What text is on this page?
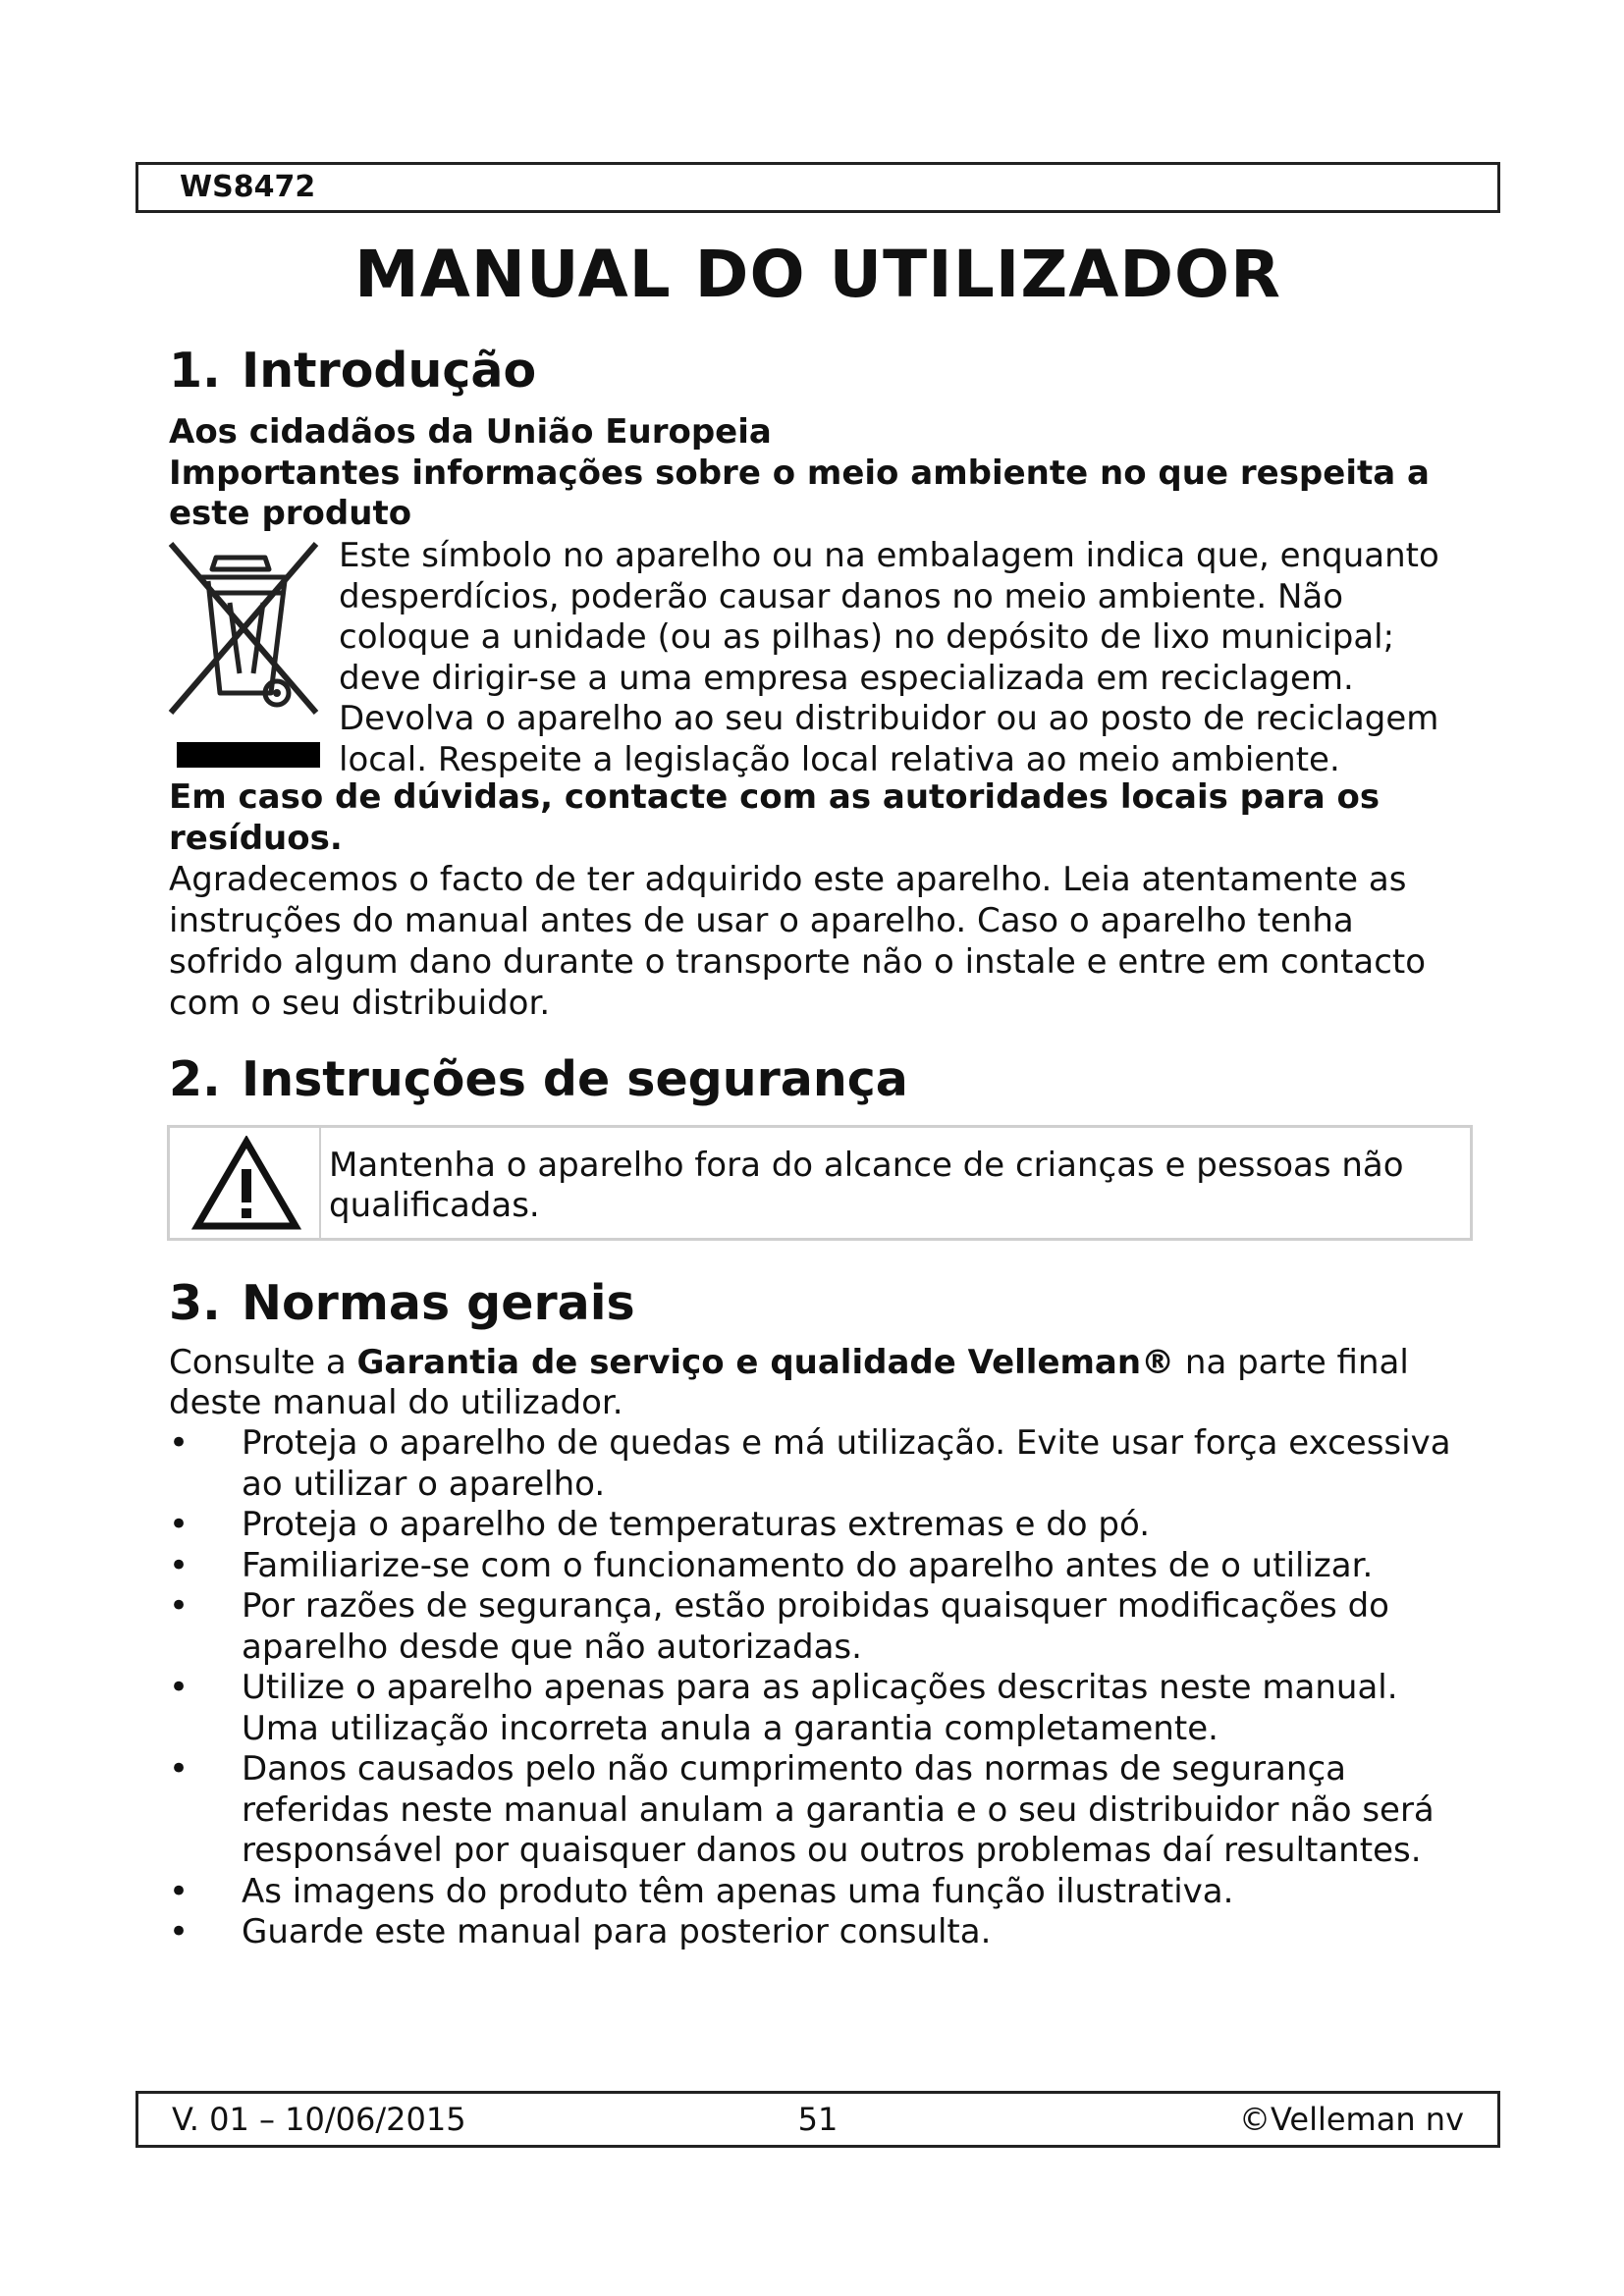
WS8472
MANUAL DO UTILIZADOR
1. Introdução
Aos cidadãos da União Europeia
Importantes informações sobre o meio ambiente no que respeita a
este produto
Este símbolo no aparelho ou na embalagem indica que, enquanto
desperdícios, poderão causar danos no meio ambiente. Não
coloque a unidade (ou as pilhas) no depósito de lixo municipal;
deve dirigir-se a uma empresa especializada em reciclagem.
Devolva o aparelho ao seu distribuidor ou ao posto de reciclagem
local. Respeite a legislação local relativa ao meio ambiente.
Em caso de dúvidas, contacte com as autoridades locais para os
resíduos.
Agradecemos o facto de ter adquirido este aparelho. Leia atentamente as
instruções do manual antes de usar o aparelho. Caso o aparelho tenha
sofrido algum dano durante o transporte não o instale e entre em contacto
com o seu distribuidor.
2. Instruções de segurança
Mantenha o aparelho fora do alcance de crianças e pessoas não
qualificadas.
3. Normas gerais
Consulte a Garantia de serviço e qualidade Velleman® na parte final
deste manual do utilizador.
• Proteja o aparelho de quedas e má utilização. Evite usar força excessiva
ao utilizar o aparelho.
• Proteja o aparelho de temperaturas extremas e do pó.
• Familiarize-se com o funcionamento do aparelho antes de o utilizar.
• Por razões de segurança, estão proibidas quaisquer modificações do
aparelho desde que não autorizadas.
• Utilize o aparelho apenas para as aplicações descritas neste manual.
Uma utilização incorreta anula a garantia completamente.
• Danos causados pelo não cumprimento das normas de segurança
referidas neste manual anulam a garantia e o seu distribuidor não será
responsável por quaisquer danos ou outros problemas daí resultantes.
• As imagens do produto têm apenas uma função ilustrativa.
• Guarde este manual para posterior consulta.
V. 01 – 10/06/2015	51	©Velleman nv
